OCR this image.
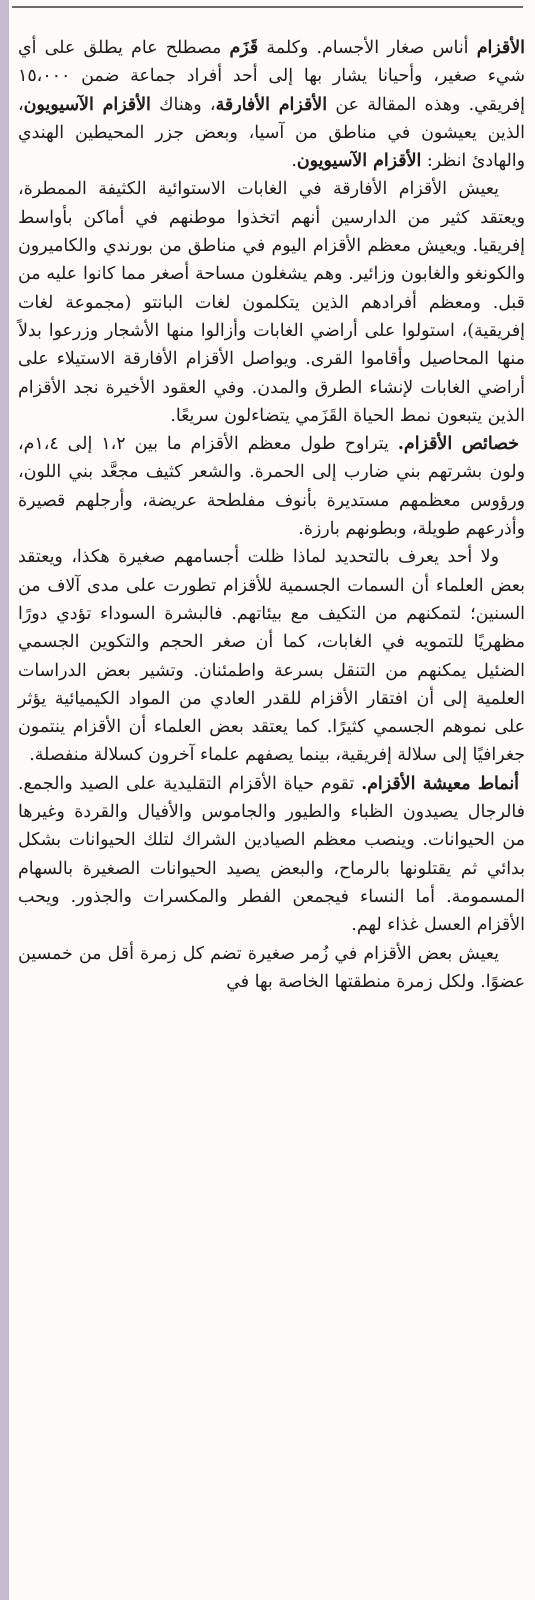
الأقزام أناس صغار الأجسام. وكلمة قَزَم مصطلح عام يطلق على أي شيء صغير، وأحيانا يشار بها إلى أحد أفراد جماعة ضمن ١٥،٠٠٠ إفريقي. وهذه المقالة عن الأقزام الأفارقة، وهناك الأقزام الآسيويون، الذين يعيشون في مناطق من آسيا، وبعض جزر المحيطين الهندي والهادئ انظر: الأقزام الآسيويون.

يعيش الأقزام الأفارقة في الغابات الاستوائية الكثيفة الممطرة، ويعتقد كثير من الدارسين أنهم اتخذوا موطنهم في أماكن بأواسط إفريقيا. ويعيش معظم الأقزام اليوم في مناطق من بورندي والكاميرون والكونغو والغابون وزائير. وهم يشغلون مساحة أصغر مما كانوا عليه من قبل. ومعظم أفرادهم الذين يتكلمون لغات البانتو (مجموعة لغات إفريقية)، استولوا على أراضي الغابات وأزالوا منها الأشجار وزرعوا بدلاً منها المحاصيل وأقاموا القرى. ويواصل الأقزام الأفارقة الاستيلاء على أراضي الغابات لإنشاء الطرق والمدن. وفي العقود الأخيرة نجد الأقزام الذين يتبعون نمط الحياة القَزَمي يتضاءلون سريعًا.

خصائص الأقزام. يتراوح طول معظم الأقزام ما بين ١،٢ إلى ١،٤م، ولون بشرتهم بني ضارب إلى الحمرة. والشعر كثيف مجعَّد بني اللون، ورؤوس معظمهم مستديرة بأنوف مفلطحة عريضة، وأرجلهم قصيرة وأذرعهم طويلة، وبطونهم بارزة.

ولا أحد يعرف بالتحديد لماذا ظلت أجسامهم صغيرة هكذا، ويعتقد بعض العلماء أن السمات الجسمية للأقزام تطورت على مدى آلاف من السنين؛ لتمكنهم من التكيف مع بيئاتهم. فالبشرة السوداء تؤدي دورًا مظهريًا للتمويه في الغابات، كما أن صغر الحجم والتكوين الجسمي الضئيل يمكنهم من التنقل بسرعة واطمئنان. وتشير بعض الدراسات العلمية إلى أن افتقار الأقزام للقدر العادي من المواد الكيميائية يؤثر على نموهم الجسمي كثيرًا. كما يعتقد بعض العلماء أن الأقزام ينتمون جغرافيًا إلى سلالة إفريقية، بينما يصفهم علماء آخرون كسلالة منفصلة.

أنماط معيشة الأقزام. تقوم حياة الأقزام التقليدية على الصيد والجمع. فالرجال يصيدون الظباء والطيور والجاموس والأفيال والقردة وغيرها من الحيوانات. وينصب معظم الصيادين الشراك لتلك الحيوانات بشكل بدائي ثم يقتلونها بالرماح، والبعض يصيد الحيوانات الصغيرة بالسهام المسمومة. أما النساء فيجمعن الفطر والمكسرات والجذور. ويحب الأقزام العسل غذاء لهم.

يعيش بعض الأقزام في زُمر صغيرة تضم كل زمرة أقل من خمسين عضوًا. ولكل زمرة منطقتها الخاصة بها في
